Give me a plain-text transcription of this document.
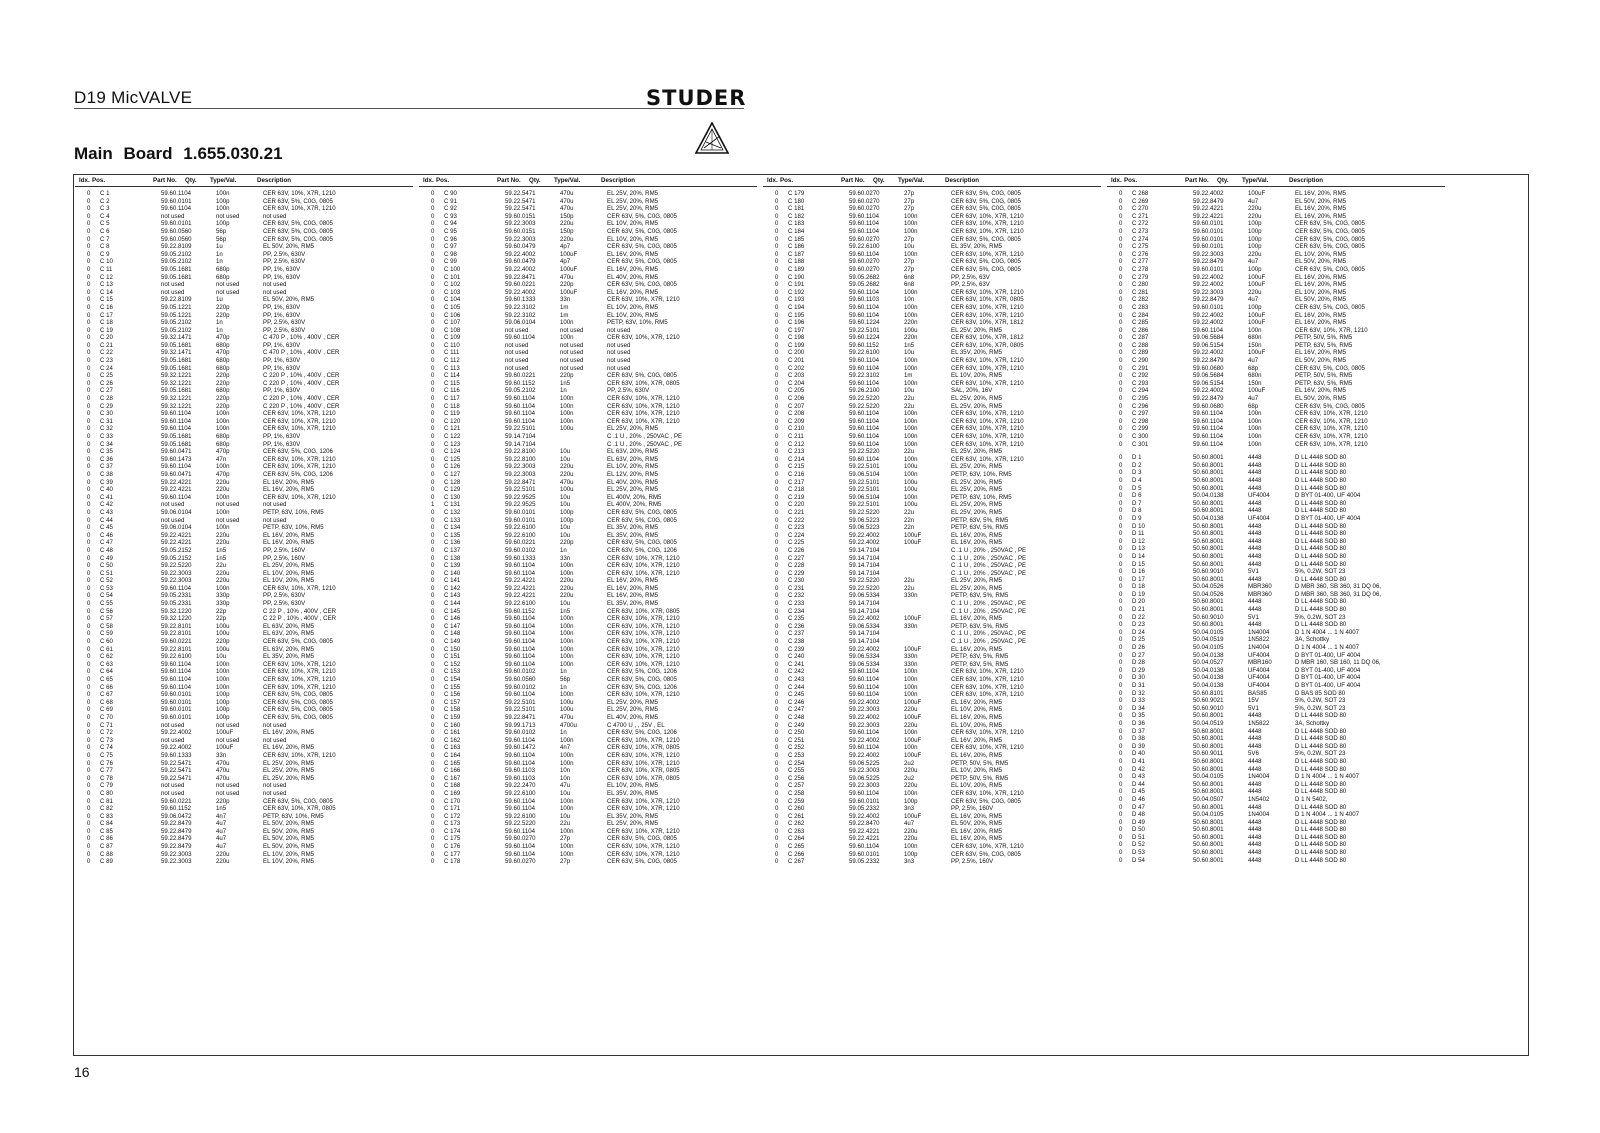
D19 MicVALVE	STUDER
Main Board 1.655.030.21
Idx. Pos.	Part No. Qty. Type/Val.	Description
0 C 1	59.60.1104	100n	CER 63V, 10%, X7R, 1210
0 C 2	59.60.0101	100p	CER 63V, 5%, C0G, 0805
0 C 3	59.60.1104	100n	CER 63V, 10%, X7R, 1210
0 C 4	not used	not used	not used
0 C 5	59.60.0101	100p	CER 63V, 5%, C0G, 0805
0 C 6	59.60.0560	56p	CER 63V, 5%, C0G, 0805
0 C 7	59.60.0560	56p	CER 63V, 5%, C0G, 0805
0 C 8	59.22.8109	1u	EL 50V, 20%, RM5
0 C 9	59.05.2102	1n	PP, 2.5%, 630V
0 C 10	59.05.2102	1n	PP, 2.5%, 630V
0 C 11	59.05.1681	680p	PP, 1%, 630V
0 C 12	59.05.1681	680p	PP, 1%, 630V
0 C 13	not used	not used	not used
0 C 14	not used	not used	not used
0 C 15	59.22.8109	1u	EL 50V, 20%, RM5
0 C 16	59.05.1221	220p	PP, 1%, 630V
0 C 17	59.05.1221	220p	PP, 1%, 630V
0 C 18	59.05.2102	1n	PP, 2.5%, 630V
0 C 19	59.05.2102	1n	PP, 2.5%, 630V
0 C 20	59.32.1471	470p	C 470 P , 10% , 400V , CER
0 C 21	59.05.1681	680p	PP, 1%, 630V
0 C 22	59.32.1471	470p	C 470 P , 10% , 400V , CER
0 C 23	59.05.1681	680p	PP, 1%, 630V
0 C 24	59.05.1681	680p	PP, 1%, 630V
0 C 25	59.32.1221	220p	C 220 P , 10% , 400V , CER
0 C 26	59.32.1221	220p	C 220 P , 10% , 400V , CER
0 C 27	59.05.1681	680p	PP, 1%, 630V
0 C 28	59.32.1221	220p	C 220 P , 10% , 400V , CER
0 C 29	59.32.1221	220p	C 220 P , 10% , 400V , CER
0 C 30	59.60.1104	100n	CER 63V, 10%, X7R, 1210
0 C 31	59.60.1104	100n	CER 63V, 10%, X7R, 1210
0 C 32	59.60.1104	100n	CER 63V, 10%, X7R, 1210
0 C 33	59.05.1681	680p	PP, 1%, 630V
0 C 34	59.05.1681	680p	PP, 1%, 630V
0 C 35	59.60.0471	470p	CER 63V, 5%, C0G, 1206
0 C 36	59.60.1473	47n	CER 63V, 10%, X7R, 1210
0 C 37	59.60.1104	100n	CER 63V, 10%, X7R, 1210
0 C 38	59.60.0471	470p	CER 63V, 5%, C0G, 1206
0 C 39	59.22.4221	220u	EL 16V, 20%, RM5
0 C 40	59.22.4221	220u	EL 16V, 20%, RM5
0 C 41	59.60.1104	100n	CER 63V, 10%, X7R, 1210
0 C 42	not used	not used	not used
0 C 43	59.06.0104	100n	PETP, 63V, 10%, RM5
0 C 44	not used	not used	not used
0 C 45	59.06.0104	100n	PETP, 63V, 10%, RM5
0 C 46	59.22.4221	220u	EL 16V, 20%, RM5
0 C 47	59.22.4221	220u	EL 16V, 20%, RM5
0 C 48	59.05.2152	1n5	PP, 2.5%, 160V
0 C 49	59.05.2152	1n5	PP, 2.5%, 160V
0 C 50	59.22.5220	22u	EL 25V, 20%, RM5
0 C 51	59.22.3003	220u	EL 10V, 20%, RM5
0 C 52	59.22.3003	220u	EL 10V, 20%, RM5
0 C 53	59.60.1104	100n	CER 63V, 10%, X7R, 1210
0 C 54	59.05.2331	330p	PP, 2.5%, 630V
0 C 55	59.05.2331	330p	PP, 2.5%, 630V
0 C 56	59.32.1220	22p	C 22 P , 10% , 400V , CER
0 C 57	59.32.1220	22p	C 22 P , 10% , 400V , CER
0 C 58	59.22.8101	100u	EL 63V, 20%, RM5
0 C 59	59.22.8101	100u	EL 63V, 20%, RM5
0 C 60	59.60.0221	220p	CER 63V, 5%, C0G, 0805
0 C 61	59.22.8101	100u	EL 63V, 20%, RM5
0 C 62	59.22.6100	10u	EL 35V, 20%, RM5
0 C 63	59.60.1104	100n	CER 63V, 10%, X7R, 1210
0 C 64	59.60.1104	100n	CER 63V, 10%, X7R, 1210
0 C 65	59.60.1104	100n	CER 63V, 10%, X7R, 1210
0 C 66	59.60.1104	100n	CER 63V, 10%, X7R, 1210
0 C 67	59.60.0101	100p	CER 63V, 5%, C0G, 0805
0 C 68	59.60.0101	100p	CER 63V, 5%, C0G, 0805
0 C 69	59.60.0101	100p	CER 63V, 5%, C0G, 0805
0 C 70	59.60.0101	100p	CER 63V, 5%, C0G, 0805
0 C 71	not used	not used	not used
0 C 72	59.22.4002	100uF	EL 16V, 20%, RM5
0 C 73	not used	not used	not used
0 C 74	59.22.4002	100uF	EL 16V, 20%, RM5
0 C 75	59.60.1333	33n	CER 63V, 10%, X7R, 1210
0 C 76	59.22.5471	470u	EL 25V, 20%, RM5
0 C 77	59.22.5471	470u	EL 25V, 20%, RM5
0 C 78	59.22.5471	470u	EL 25V, 20%, RM5
0 C 79	not used	not used	not used
0 C 80	not used	not used	not used
0 C 81	59.60.0221	220p	CER 63V, 5%, C0G, 0805
0 C 82	59.60.1152	1n5	CER 63V, 10%, X7R, 0805
0 C 83	59.06.0472	4n7	PETP, 63V, 10%, RM5
0 C 84	59.22.8479	4u7	EL 50V, 20%, RM5
0 C 85	59.22.8479	4u7	EL 50V, 20%, RM5
0 C 86	59.22.8479	4u7	EL 50V, 20%, RM5
0 C 87	59.22.8479	4u7	EL 50V, 20%, RM5
0 C 88	59.22.3003	220u	EL 10V, 20%, RM5
0 C 89	59.22.3003	220u	EL 10V, 20%, RM5
Idx. Pos.	Part No. Qty. Type/Val.	Description
0 C 90	59.22.5471	470u	EL 25V, 20%, RM5
0 C 91	59.22.5471	470u	EL 25V, 20%, RM5
0 C 92	59.22.5471	470u	EL 25V, 20%, RM5
0 C 93	59.60.0151	150p	CER 63V, 5%, C0G, 0805
0 C 94	59.22.3003	220u	EL 10V, 20%, RM5
0 C 95	59.60.0151	150p	CER 63V, 5%, C0G, 0805
0 C 96	59.22.3003	220u	EL 10V, 20%, RM5
0 C 97	59.60.0479	4p7	CER 63V, 5%, C0G, 0805
0 C 98	59.22.4002	100uF	EL 16V, 20%, RM5
0 C 99	59.60.0479	4p7	CER 63V, 5%, C0G, 0805
0 C 100	59.22.4002	100uF	EL 16V, 20%, RM5
0 C 101	59.22.8471	470u	EL 40V, 20%, RM5
0 C 102	59.60.0221	220p	CER 63V, 5%, C0G, 0805
0 C 103	59.22.4002	100uF	EL 16V, 20%, RM5
0 C 104	59.60.1333	33n	CER 63V, 10%, X7R, 1210
0 C 105	59.22.3102	1m	EL 10V, 20%, RM5
0 C 106	59.22.3102	1m	EL 10V, 20%, RM5
0 C 107	59.06.0104	100n	PETP, 63V, 10%, RM5
0 C 108	not used	not used	not used
0 C 109	59.60.1104	100n	CER 63V, 10%, X7R, 1210
0 C 110	not used	not used	not used
0 C 111	not used	not used	not used
0 C 112	not used	not used	not used
0 C 113	not used	not used	not used
0 C 114	59.60.0221	220p	CER 63V, 5%, C0G, 0805
0 C 115	59.60.1152	1n5	CER 63V, 10%, X7R, 0805
0 C 116	59.05.2102	1n	PP, 2.5%, 630V
0 C 117	59.60.1104	100n	CER 63V, 10%, X7R, 1210
0 C 118	59.60.1104	100n	CER 63V, 10%, X7R, 1210
0 C 119	59.60.1104	100n	CER 63V, 10%, X7R, 1210
0 C 120	59.60.1104	100n	CER 63V, 10%, X7R, 1210
0 C 121	59.22.5101	100u	EL 25V, 20%, RM5
0 C 122	59.14.7104	C .1 U , 20% , 250VAC , PE
0 C 123	59.14.7104	C .1 U , 20% , 250VAC , PE
0 C 124	59.22.8100	10u	EL 63V, 20%, RM5
0 C 125	59.22.8100	10u	EL 63V, 20%, RM5
0 C 126	59.22.3003	220u	EL 10V, 20%, RM5
0 C 127	59.22.3003	220u	EL 12V, 20%, RM5
0 C 128	59.22.8471	470u	EL 40V, 20%, RM5
0 C 129	59.22.5101	100u	EL 25V, 20%, RM5
0 C 130	59.22.9525	10u	EL 400V, 20%, RM5
1 C 131	59.22.9525	10u	EL 400V, 20%, RM5
0 C 132	59.60.0101	100p	CER 63V, 5%, C0G, 0805
0 C 133	59.60.0101	100p	CER 63V, 5%, C0G, 0805
0 C 134	59.22.6100	10u	EL 35V, 20%, RM5
0 C 135	59.22.6100	10u	EL 35V, 20%, RM5
0 C 136	59.60.0221	220p	CER 63V, 5%, C0G, 0805
0 C 137	59.60.0102	1n	CER 63V, 5%, C0G, 1206
0 C 138	59.60.1333	33n	CER 63V, 10%, X7R, 1210
0 C 139	59.60.1104	100n	CER 63V, 10%, X7R, 1210
0 C 140	59.60.1104	100n	CER 63V, 10%, X7R, 1210
0 C 141	59.22.4221	220u	EL 16V, 20%, RM5
0 C 142	59.22.4221	220u	EL 16V, 20%, RM5
0 C 143	59.22.4221	220u	EL 16V, 20%, RM5
0 C 144	59.22.6100	10u	EL 35V, 20%, RM5
0 C 145	59.60.1152	1n5	CER 63V, 10%, X7R, 0805
0 C 146	59.60.1104	100n	CER 63V, 10%, X7R, 1210
0 C 147	59.60.1104	100n	CER 63V, 10%, X7R, 1210
0 C 148	59.60.1104	100n	CER 63V, 10%, X7R, 1210
0 C 149	59.60.1104	100n	CER 63V, 10%, X7R, 1210
0 C 150	59.60.1104	100n	CER 63V, 10%, X7R, 1210
0 C 151	59.60.1104	100n	CER 63V, 10%, X7R, 1210
0 C 152	59.60.1104	100n	CER 63V, 10%, X7R, 1210
0 C 153	59.60.0102	1n	CER 63V, 5%, C0G, 1206
0 C 154	59.60.0560	56p	CER 63V, 5%, C0G, 0805
0 C 155	59.60.0102	1n	CER 63V, 5%, C0G, 1206
0 C 156	59.60.1104	100n	CER 63V, 10%, X7R, 1210
0 C 157	59.22.5101	100u	EL 25V, 20%, RM5
0 C 158	59.22.5101	100u	EL 25V, 20%, RM5
0 C 159	59.22.8471	470u	EL 40V, 20%, RM5
0 C 160	59.99.1713	4700u	C 4700 U , , 25V , EL
0 C 161	59.60.0102	1n	CER 63V, 5%, C0G, 1206
0 C 162	59.60.1104	100n	CER 63V, 10%, X7R, 1210
0 C 163	59.60.1472	4n7	CER 63V, 10%, X7R, 0805
0 C 164	59.60.1104	100n	CER 63V, 10%, X7R, 1210
0 C 165	59.60.1104	100n	CER 63V, 10%, X7R, 1210
0 C 166	59.60.1103	10n	CER 63V, 10%, X7R, 0805
0 C 167	59.60.1103	10n	CER 63V, 10%, X7R, 0805
0 C 168	59.22.2470	47u	EL 10V, 20%, RM5
0 C 169	59.22.6100	10u	EL 35V, 20%, RM5
0 C 170	59.60.1104	100n	CER 63V, 10%, X7R, 1210
0 C 171	59.60.1104	100n	CER 63V, 10%, X7R, 1210
0 C 172	59.22.6100	10u	EL 35V, 20%, RM5
0 C 173	59.22.5220	22u	EL 25V, 20%, RM5
0 C 174	59.60.1104	100n	CER 63V, 10%, X7R, 1210
0 C 175	59.60.0270	27p	CER 63V, 5%, C0G, 0805
0 C 176	59.60.1104	100n	CER 63V, 10%, X7R, 1210
0 C 177	59.60.1104	100n	CER 63V, 10%, X7R, 1210
0 C 178	59.60.0270	27p	CER 63V, 5%, C0G, 0805
Idx. Pos.	Part No. Qty. Type/Val.	Description
0 C 179	59.60.0270	27p	CER 63V, 5%, C0G, 0805
0 C 180	59.60.0270	27p	CER 63V, 5%, C0G, 0805
0 C 181	59.60.0270	27p	CER 63V, 5%, C0G, 0805
0 C 182	59.60.1104	100n	CER 63V, 10%, X7R, 1210
0 C 183	59.60.1104	100n	CER 63V, 10%, X7R, 1210
0 C 184	59.60.1104	100n	CER 63V, 10%, X7R, 1210
0 C 185	59.60.0270	27p	CER 63V, 5%, C0G, 0805
0 C 186	59.22.6100	10u	EL 35V, 20%, RM5
0 C 187	59.60.1104	100n	CER 63V, 10%, X7R, 1210
0 C 188	59.60.0270	27p	CER 63V, 5%, C0G, 0805
0 C 189	59.60.0270	27p	CER 63V, 5%, C0G, 0805
0 C 190	59.05.2682	6n8	PP, 2.5%, 63V
0 C 191	59.05.2682	6n8	PP, 2.5%, 63V
0 C 192	59.60.1104	100n	CER 63V, 10%, X7R, 1210
0 C 193	59.60.1103	10n	CER 63V, 10%, X7R, 0805
0 C 194	59.60.1104	100n	CER 63V, 10%, X7R, 1210
0 C 195	59.60.1104	100n	CER 63V, 10%, X7R, 1210
0 C 196	59.60.1224	220n	CER 63V, 10%, X7R, 1812
0 C 197	59.22.5101	100u	EL 25V, 20%, RM5
0 C 198	59.60.1224	220n	CER 63V, 10%, X7R, 1812
0 C 199	59.60.1152	1n5	CER 63V, 10%, X7R, 0805
0 C 200	59.22.6100	10u	EL 35V, 20%, RM5
0 C 201	59.60.1104	100n	CER 63V, 10%, X7R, 1210
0 C 202	59.60.1104	100n	CER 63V, 10%, X7R, 1210
0 C 203	59.22.3102	1m	EL 10V, 20%, RM5
0 C 204	59.60.1104	100n	CER 63V, 10%, X7R, 1210
0 C 205	59.26.2100	10u	SAL, 20%, 16V
0 C 206	59.22.5220	22u	EL 25V, 20%, RM5
0 C 207	59.22.5220	22u	EL 25V, 20%, RM5
0 C 208	59.60.1104	100n	CER 63V, 10%, X7R, 1210
0 C 209	59.60.1104	100n	CER 63V, 10%, X7R, 1210
0 C 210	59.60.1104	100n	CER 63V, 10%, X7R, 1210
0 C 211	59.60.1104	100n	CER 63V, 10%, X7R, 1210
0 C 212	59.60.1104	100n	CER 63V, 10%, X7R, 1210
0 C 213	59.22.5220	22u	EL 25V, 20%, RM5
0 C 214	59.60.1104	100n	CER 63V, 10%, X7R, 1210
0 C 215	59.22.5101	100u	EL 25V, 20%, RM5
0 C 216	59.06.5104	100n	PETP, 63V, 10%, RM5
0 C 217	59.22.5101	100u	EL 25V, 20%, RM5
0 C 218	59.22.5101	100u	EL 25V, 20%, RM5
0 C 219	59.06.5104	100n	PETP, 63V, 10%, RM5
0 C 220	59.22.5101	100u	EL 25V, 20%, RM5
0 C 221	59.22.5220	22u	EL 25V, 20%, RM5
0 C 222	59.06.5223	22n	PETP, 63V, 5%, RM5
0 C 223	59.06.5223	22n	PETP, 63V, 5%, RM5
0 C 224	59.22.4002	100uF	EL 16V, 20%, RM5
0 C 225	59.22.4002	100uF	EL 16V, 20%, RM5
0 C 226	59.14.7104	C .1 U , 20% , 250VAC , PE
0 C 227	59.14.7104	C .1 U , 20% , 250VAC , PE
0 C 228	59.14.7104	C .1 U , 20% , 250VAC , PE
0 C 229	59.14.7104	C .1 U , 20% , 250VAC , PE
0 C 230	59.22.5220	22u	EL 25V, 20%, RM5
0 C 231	59.22.5220	22u	EL 25V, 20%, RM5
0 C 232	59.06.5334	330n	PETP, 63V, 5%, RM5
0 C 233	59.14.7104	C .1 U , 20% , 250VAC , PE
0 C 234	59.14.7104	C .1 U , 20% , 250VAC , PE
0 C 235	59.22.4002	100uF	EL 16V, 20%, RM5
0 C 236	59.06.5334	330n	PETP, 63V, 5%, RM5
0 C 237	59.14.7104	C .1 U , 20% , 250VAC , PE
0 C 238	59.14.7104	C .1 U , 20% , 250VAC , PE
0 C 239	59.22.4002	100uF	EL 16V, 20%, RM5
0 C 240	59.06.5334	330n	PETP, 63V, 5%, RM5
0 C 241	59.06.5334	330n	PETP, 63V, 5%, RM5
0 C 242	59.60.1104	100n	CER 63V, 10%, X7R, 1210
0 C 243	59.60.1104	100n	CER 63V, 10%, X7R, 1210
0 C 244	59.60.1104	100n	CER 63V, 10%, X7R, 1210
0 C 245	59.60.1104	100n	CER 63V, 10%, X7R, 1210
0 C 246	59.22.4002	100uF	EL 16V, 20%, RM5
0 C 247	59.22.3003	220u	EL 10V, 20%, RM5
0 C 248	59.22.4002	100uF	EL 16V, 20%, RM5
0 C 249	59.22.3003	220u	EL 10V, 20%, RM5
0 C 250	59.60.1104	100n	CER 63V, 10%, X7R, 1210
0 C 251	59.22.4002	100uF	EL 16V, 20%, RM5
0 C 252	59.60.1104	100n	CER 63V, 10%, X7R, 1210
0 C 253	59.22.4002	100uF	EL 16V, 20%, RM5
0 C 254	59.06.5225	2u2	PETP, 50V, 5%, RM5
0 C 255	59.22.3003	220u	EL 10V, 20%, RM5
0 C 256	59.06.5225	2u2	PETP, 50V, 5%, RM5
0 C 257	59.22.3003	220u	EL 10V, 20%, RM5
0 C 258	59.60.1104	100n	CER 63V, 10%, X7R, 1210
0 C 259	59.60.0101	100p	CER 63V, 5%, C0G, 0805
0 C 260	59.05.2332	3n3	PP, 2.5%, 160V
0 C 261	59.22.4002	100uF	EL 16V, 20%, RM5
0 C 262	59.22.8470	4u7	EL 50V, 20%, RM5
0 C 263	59.22.4221	220u	EL 16V, 20%, RM5
0 C 264	59.22.4221	220u	EL 16V, 20%, RM5
0 C 265	59.60.1104	100n	CER 63V, 10%, X7R, 1210
0 C 266	59.60.0101	100p	CER 63V, 5%, C0G, 0805
0 C 267	59.05.2332	3n3	PP, 2.5%, 160V
Idx. Pos.	Part No. Qty. Type/Val.	Description
0 C 268	59.22.4002	100uF	EL 16V, 20%, RM5
0 C 269	59.22.8479	4u7	EL 50V, 20%, RM5
0 C 270	59.22.4221	220u	EL 16V, 20%, RM5
0 C 271	59.22.4221	220u	EL 16V, 20%, RM5
0 C 272	59.60.0101	100p	CER 63V, 5%, C0G, 0805
0 C 273	59.60.0101	100p	CER 63V, 5%, C0G, 0805
0 C 274	59.60.0101	100p	CER 63V, 5%, C0G, 0805
0 C 275	59.60.0101	100p	CER 63V, 5%, C0G, 0805
0 C 276	59.22.3003	220u	EL 10V, 20%, RM5
0 C 277	59.22.8479	4u7	EL 50V, 20%, RM5
0 C 278	59.60.0101	100p	CER 63V, 5%, C0G, 0805
0 C 279	59.22.4002	100uF	EL 16V, 20%, RM5
0 C 280	59.22.4002	100uF	EL 16V, 20%, RM5
0 C 281	59.22.3003	220u	EL 10V, 20%, RM5
0 C 282	59.22.8479	4u7	EL 50V, 20%, RM5
0 C 283	59.60.0101	100p	CER 63V, 5%, C0G, 0805
0 C 284	59.22.4002	100uF	EL 16V, 20%, RM5
0 C 285	59.22.4002	100uF	EL 16V, 20%, RM5
0 C 286	59.60.1104	100n	CER 63V, 10%, X7R, 1210
0 C 287	59.06.5684	680n	PETP, 50V, 5%, RM5
0 C 288	59.06.5154	150n	PETP, 63V, 5%, RM5
0 C 289	59.22.4002	100uF	EL 16V, 20%, RM5
0 C 290	59.22.8479	4u7	EL 50V, 20%, RM5
0 C 291	59.60.0680	68p	CER 63V, 5%, C0G, 0805
0 C 292	59.06.5684	680n	PETP, 50V, 5%, RM5
0 C 293	59.06.5154	150n	PETP, 63V, 5%, RM5
0 C 294	59.22.4002	100uF	EL 16V, 20%, RM5
0 C 295	59.22.8479	4u7	EL 50V, 20%, RM5
0 C 296	59.60.0680	68p	CER 63V, 5%, C0G, 0805
0 C 297	59.60.1104	100n	CER 63V, 10%, X7R, 1210
0 C 298	59.60.1104	100n	CER 63V, 10%, X7R, 1210
0 C 299	59.60.1104	100n	CER 63V, 10%, X7R, 1210
0 C 300	59.60.1104	100n	CER 63V, 10%, X7R, 1210
0 C 301	59.60.1104	100n	CER 63V, 10%, X7R, 1210
0 D 1	50.60.8001	4448	D LL 4448 SOD 80
0 D 2	50.60.8001	4448	D LL 4448 SOD 80
0 D 3	50.60.8001	4448	D LL 4448 SOD 80
0 D 4	50.60.8001	4448	D LL 4448 SOD 80
0 D 5	50.60.8001	4448	D LL 4448 SOD 80
0 D 6	50.04.0138	UF4004	D BYT 01-400, UF 4004
0 D 7	50.60.8001	4448	D LL 4448 SOD 80
0 D 8	50.60.8001	4448	D LL 4448 SOD 80
0 D 9	50.04.0138	UF4004	D BYT 01-400, UF 4004
0 D 10	50.60.8001	4448	D LL 4448 SOD 80
0 D 11	50.60.8001	4448	D LL 4448 SOD 80
0 D 12	50.60.8001	4448	D LL 4448 SOD 80
0 D 13	50.60.8001	4448	D LL 4448 SOD 80
0 D 14	50.60.8001	4448	D LL 4448 SOD 80
0 D 15	50.60.8001	4448	D LL 4448 SOD 80
0 D 16	50.60.9010	5V1	5%, 0.2W, SOT 23
0 D 17	50.60.8001	4448	D LL 4448 SOD 80
0 D 18	50.04.0526	MBR360	D MBR 360, SB 360, 31 DQ 06,
0 D 19	50.04.0526	MBR360	D MBR 360, SB 360, 31 DQ 06,
0 D 20	50.60.8001	4448	D LL 4448 SOD 80
0 D 21	50.60.8001	4448	D LL 4448 SOD 80
0 D 22	50.60.9010	5V1	5%, 0.2W, SOT 23
0 D 23	50.60.8001	4448	D LL 4448 SOD 80
0 D 24	50.04.0105	1N4004	D 1 N 4004 ... 1 N 4007
0 D 25	50.04.0519	1N5822	3A, Schottky
0 D 26	50.04.0105	1N4004	D 1 N 4004 ... 1 N 4007
0 D 27	50.04.0138	UF4004	D BYT 01-400, UF 4004
0 D 28	50.04.0527	MBR160	D MBR 160, SB 160, 11 DQ 06,
0 D 29	50.04.0138	UF4004	D BYT 01-400, UF 4004
0 D 30	50.04.0138	UF4004	D BYT 01-400, UF 4004
0 D 31	50.04.0138	UF4004	D BYT 01-400, UF 4004
0 D 32	50.60.8101	BAS85	D BAS 85 SOD 80
0 D 33	50.60.9021	15V	5%, 0.2W, SOT 23
0 D 34	50.60.9010	5V1	5%, 0.2W, SOT 23
0 D 35	50.60.8001	4448	D LL 4448 SOD 80
0 D 36	50.04.0519	1N5822	3A, Schottky
0 D 37	50.60.8001	4448	D LL 4448 SOD 80
0 D 38	50.60.8001	4448	D LL 4448 SOD 80
0 D 39	50.60.8001	4448	D LL 4448 SOD 80
0 D 40	50.60.9011	5V6	5%, 0.2W, SOT 23
0 D 41	50.60.8001	4448	D LL 4448 SOD 80
0 D 42	50.60.8001	4448	D LL 4448 SOD 80
0 D 43	50.04.0105	1N4004	D 1 N 4004 ... 1 N 4007
0 D 44	50.60.8001	4448	D LL 4448 SOD 80
0 D 45	50.60.8001	4448	D LL 4448 SOD 80
0 D 46	50.04.0507	1N5402	D 1 N 5402,
0 D 47	50.60.8001	4448	D LL 4448 SOD 80
0 D 48	50.04.0105	1N4004	D 1 N 4004 ... 1 N 4007
0 D 49	50.60.8001	4448	D LL 4448 SOD 80
0 D 50	50.60.8001	4448	D LL 4448 SOD 80
0 D 51	50.60.8001	4448	D LL 4448 SOD 80
0 D 52	50.60.8001	4448	D LL 4448 SOD 80
0 D 53	50.60.8001	4448	D LL 4448 SOD 80
0 D 54	50.60.8001	4448	D LL 4448 SOD 80
16
